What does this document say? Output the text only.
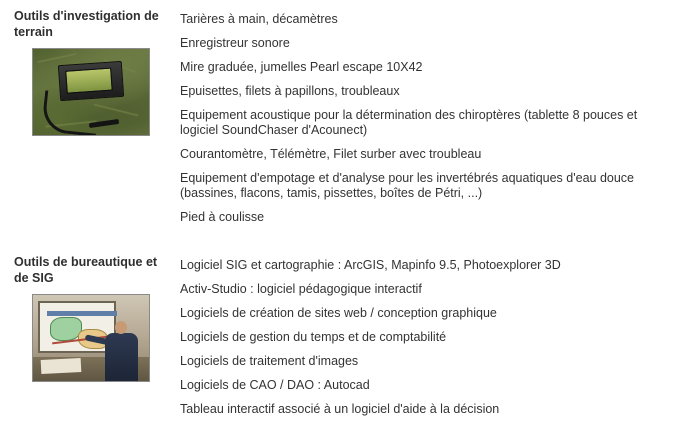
Outils d'investigation de terrain
Tarières à main, décamètres
Enregistreur sonore
Mire graduée, jumelles Pearl escape 10X42
Epuisettes, filets à papillons, troubleaux
Equipement acoustique pour la détermination des chiroptères (tablette 8 pouces et logiciel SoundChaser d'Acounect)
Courantomètre, Télémètre, Filet surber avec troubleau
Equipement d'empotage et d'analyse pour les invertébrés aquatiques d'eau douce (bassines, flacons, tamis, pissettes, boîtes de Pétri, ...)
Pied à coulisse
Outils de bureautique et de SIG
Logiciel SIG et cartographie : ArcGIS, Mapinfo 9.5, Photoexplorer 3D
Activ-Studio : logiciel pédagogique interactif
Logiciels de création de sites web / conception graphique
Logiciels de gestion du temps et de comptabilité
Logiciels de traitement d'images
Logiciels de CAO / DAO : Autocad
Tableau interactif associé à un logiciel d'aide à la décision
